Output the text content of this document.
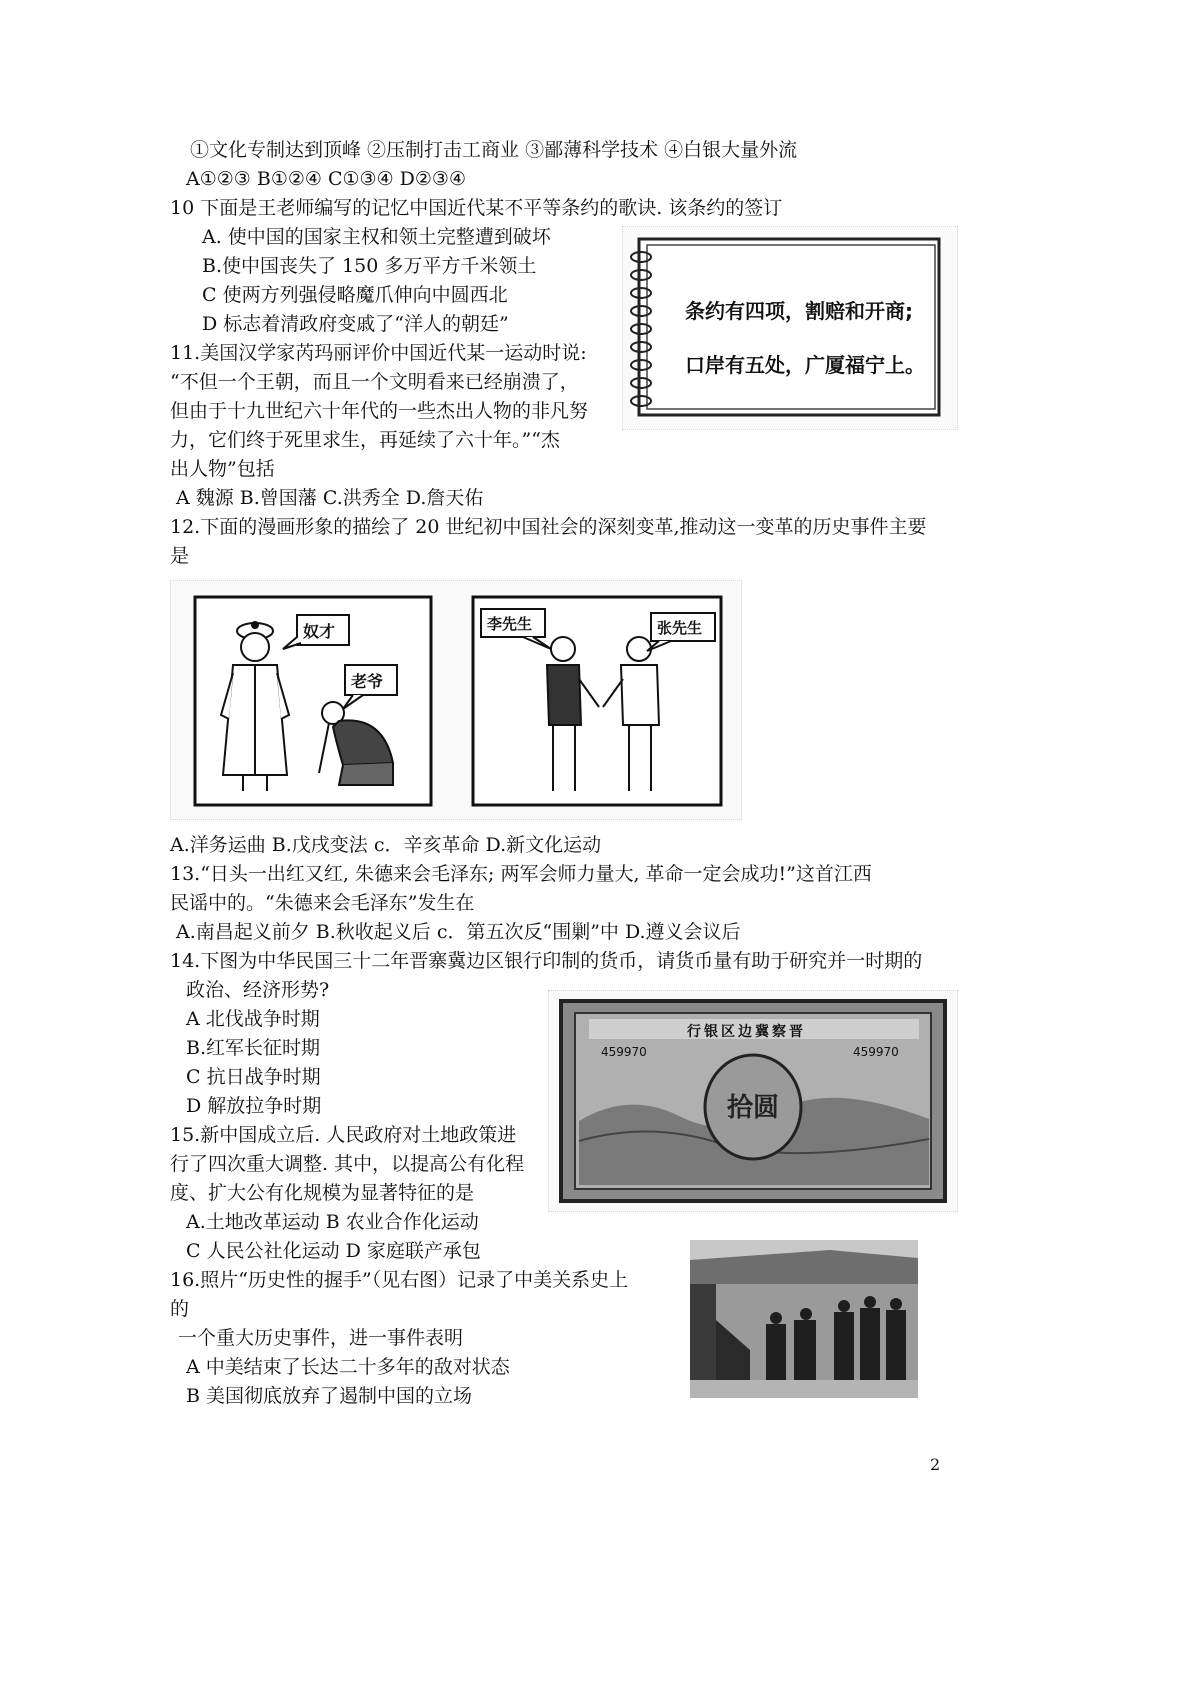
①文化专制达到顶峰 ②压制打击工商业 ③鄙薄科学技术 ④白银大量外流
A①②③ B①②④ C①③④ D②③④
10 下面是王老师编写的记忆中国近代某不平等条约的歌诀. 该条约的签订
A. 使中国的国家主权和领土完整遭到破坏
B.使中国丧失了 150 多万平方千米领土
C 使两方列强侵略魔爪伸向中圆西北
D 标志着清政府变戚了“洋人的朝廷”
11.美国汉学家芮玛丽评价中国近代某一运动时说:
“不但一个王朝，而且一个文明看来已经崩溃了，
但由于十九世纪六十年代的一些杰出人物的非凡努
力，它们终于死里求生，再延续了六十年。”“杰
出人物”包括
A 魏源 B.曾国藩 C.洪秀全 D.詹天佑
12.下面的漫画形象的描绘了 20 世纪初中国社会的深刻变革,推动这一变革的历史事件主要
是
A.洋务运曲 B.戊戌变法 c．辛亥革命 D.新文化运动
13.“日头一出红又红, 朱德来会毛泽东; 两军会师力量大, 革命一定会成功!”这首江西
民谣中的。“朱德来会毛泽东”发生在
A.南昌起义前夕 B.秋收起义后 c．第五次反“围剿”中 D.遵义会议后
14.下图为中华民国三十二年晋寨冀边区银行印制的货币，请货币量有助于研究并一时期的
政治、经济形势?
A 北伐战争时期
B.红军长征时期
C 抗日战争时期
D 解放拉争时期
15.新中国成立后. 人民政府对土地政策进
行了四次重大调整. 其中，以提高公有化程
度、扩大公有化规模为显著特征的是
A.土地改革运动 B 农业合作化运动
C 人民公社化运动 D 家庭联产承包
16.照片“历史性的握手”（见右图）记录了中美关系史上
的
一个重大历史事件，进一事件表明
A 中美结束了长达二十多年的敌对状态
B 美国彻底放弃了遏制中国的立场
条约有四项，割赔和开商;
口岸有五处，广厦福宁上。
奴才
老爷
李先生	张先生
行银区边冀察晋
459970	459970
拾圆
2
